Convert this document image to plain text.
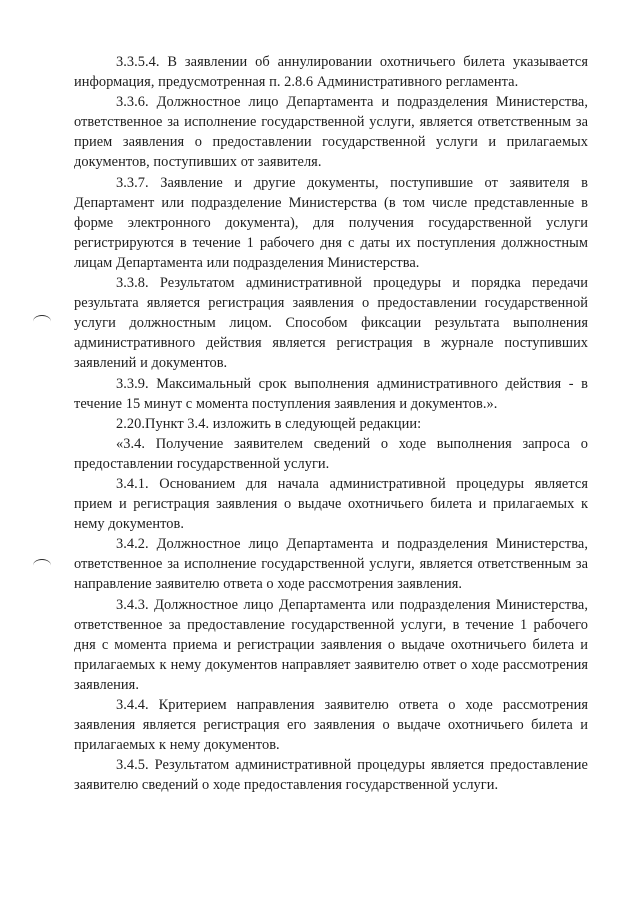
3.3.5.4. В заявлении об аннулировании охотничьего билета указывается информация, предусмотренная п. 2.8.6 Административного регламента.

3.3.6. Должностное лицо Департамента и подразделения Министерства, ответственное за исполнение государственной услуги, является ответственным за прием заявления о предоставлении государственной услуги и прилагаемых документов, поступивших от заявителя.

3.3.7. Заявление и другие документы, поступившие от заявителя в Департамент или подразделение Министерства (в том числе представленные в форме электронного документа), для получения государственной услуги регистрируются в течение 1 рабочего дня с даты их поступления должностным лицам Департамента или подразделения Министерства.

3.3.8. Результатом административной процедуры и порядка передачи результата является регистрация заявления о предоставлении государственной услуги должностным лицом. Способом фиксации результата выполнения административного действия является регистрация в журнале поступивших заявлений и документов.

3.3.9. Максимальный срок выполнения административного действия - в течение 15 минут с момента поступления заявления и документов.».

2.20.Пункт 3.4. изложить в следующей редакции:

«3.4. Получение заявителем сведений о ходе выполнения запроса о предоставлении государственной услуги.

3.4.1. Основанием для начала административной процедуры является прием и регистрация заявления о выдаче охотничьего билета и прилагаемых к нему документов.

3.4.2. Должностное лицо Департамента и подразделения Министерства, ответственное за исполнение государственной услуги, является ответственным за направление заявителю ответа о ходе рассмотрения заявления.

3.4.3. Должностное лицо Департамента или подразделения Министерства, ответственное за предоставление государственной услуги, в течение 1 рабочего дня с момента приема и регистрации заявления о выдаче охотничьего билета и прилагаемых к нему документов направляет заявителю ответ о ходе рассмотрения заявления.

3.4.4. Критерием направления заявителю ответа о ходе рассмотрения заявления является регистрация его заявления о выдаче охотничьего билета и прилагаемых к нему документов.

3.4.5. Результатом административной процедуры является предоставление заявителю сведений о ходе предоставления государственной услуги.
